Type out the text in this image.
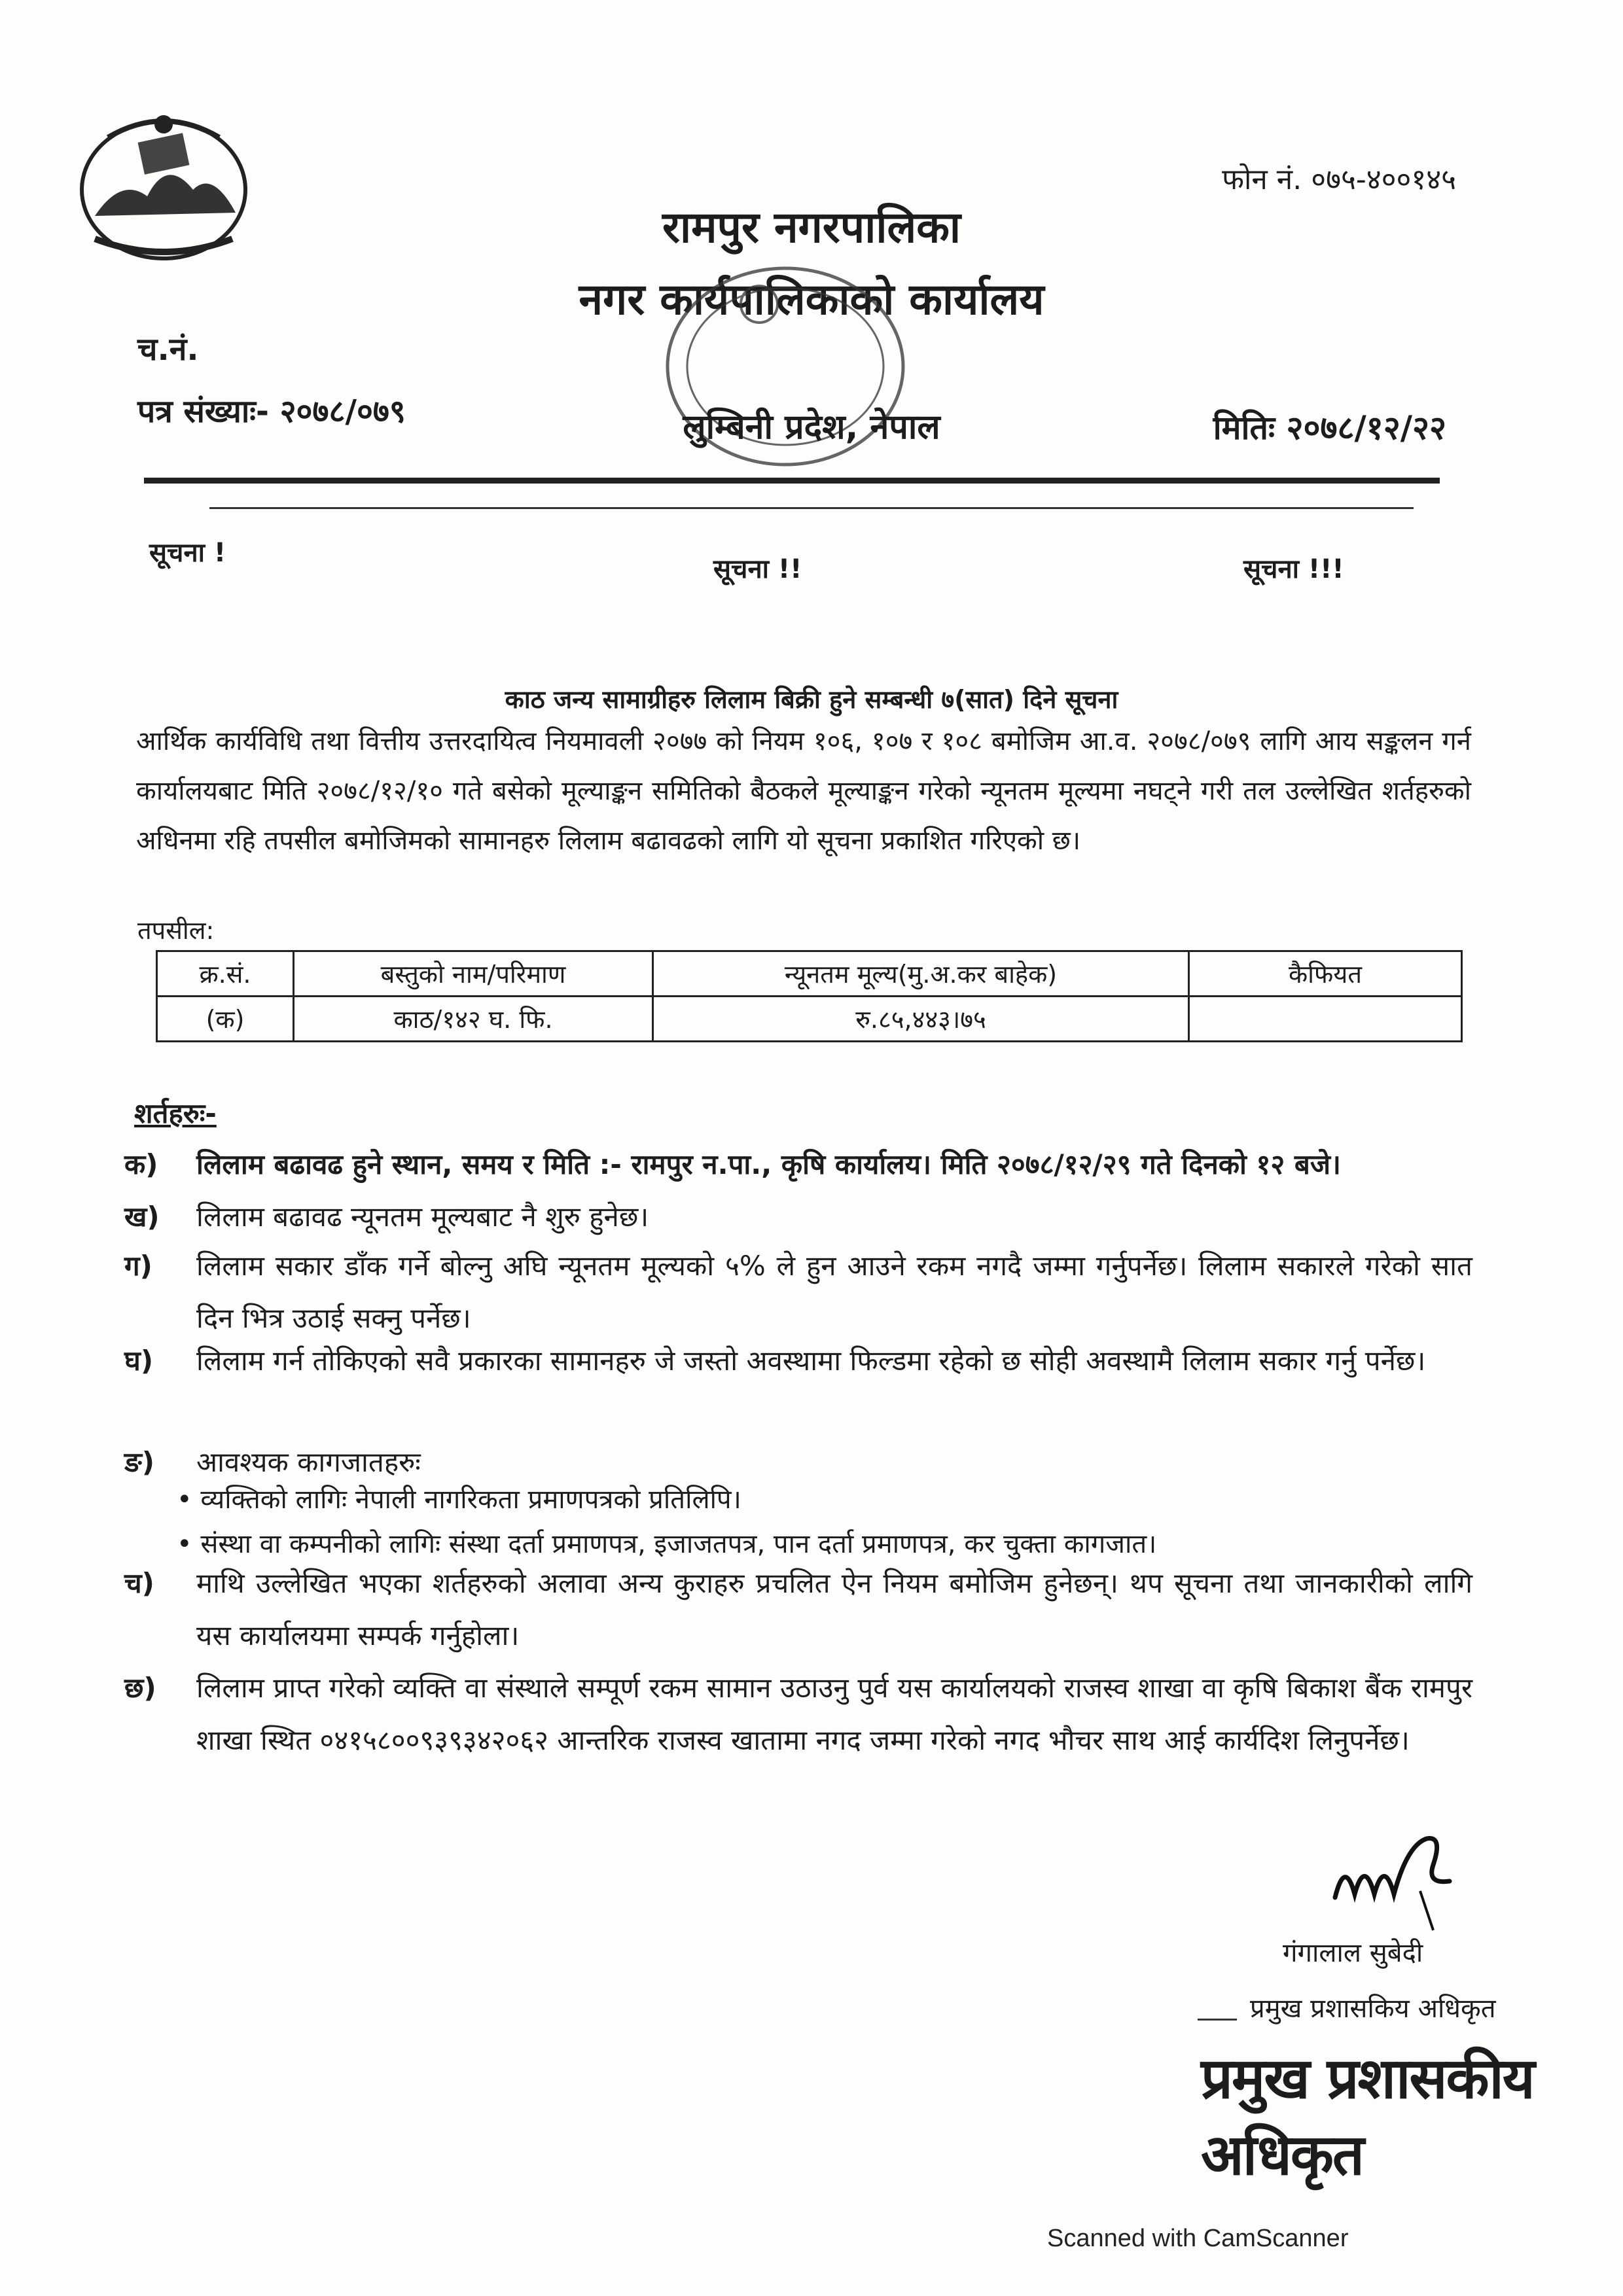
फोन नं. ०७५-४००१४५
रामपुर नगरपालिका
नगर कार्यपालिकाको कार्यालय
च.नं.
पत्र संख्याः- २०७८/०७९	लुम्बिनी प्रदेश, नेपाल	मितिः २०७८/१२/२२
सूचना !
सूचना !!	सूचना !!!
काठ जन्य सामाग्रीहरु लिलाम बिक्री हुने सम्बन्धी ७(सात) दिने सूचना
आर्थिक कार्यविधि तथा वित्तीय उत्तरदायित्व नियमावली २०७७ को नियम १०६, १०७ र १०८ बमोजिम आ.व. २०७८/०७९ लागि आय सङ्कलन गर्न कार्यालयबाट मिति २०७८/१२/१० गते बसेको मूल्याङ्कन समितिको बैठकले मूल्याङ्कन गरेको न्यूनतम मूल्यमा नघट्ने गरी तल उल्लेखित शर्तहरुको अधिनमा रहि तपसील बमोजिमको सामानहरु लिलाम बढावढको लागि यो सूचना प्रकाशित गरिएको छ।
तपसील:
क्र.सं.	बस्तुको नाम/परिमाण	न्यूनतम मूल्य(मु.अ.कर बाहेक)	कैफियत
(क)	काठ/१४२ घ. फि.	रु.८५,४४३।७५	
शर्तहरुः-
क)	लिलाम बढावढ हुने स्थान, समय र मिति :- रामपुर न.पा., कृषि कार्यालय। मिति २०७८/१२/२९ गते दिनको १२ बजे।
ख)	लिलाम बढावढ न्यूनतम मूल्यबाट नै शुरु हुनेछ।
ग)	लिलाम सकार डाँक गर्ने बोल्नु अघि न्यूनतम मूल्यको ५% ले हुन आउने रकम नगदै जम्मा गर्नुपर्नेछ। लिलाम सकारले गरेको सात दिन भित्र उठाई सक्नु पर्नेछ।
घ)	लिलाम गर्न तोकिएको सवै प्रकारका सामानहरु जे जस्तो अवस्थामा फिल्डमा रहेको छ सोही अवस्थामै लिलाम सकार गर्नु पर्नेछ।
ङ)	आवश्यक कागजातहरुः
• व्यक्तिको लागिः नेपाली नागरिकता प्रमाणपत्रको प्रतिलिपि।
• संस्था वा कम्पनीको लागिः संस्था दर्ता प्रमाणपत्र, इजाजतपत्र, पान दर्ता प्रमाणपत्र, कर चुक्ता कागजात।
च)	माथि उल्लेखित भएका शर्तहरुको अलावा अन्य कुराहरु प्रचलित ऐन नियम बमोजिम हुनेछन्। थप सूचना तथा जानकारीको लागि यस कार्यालयमा सम्पर्क गर्नुहोला।
छ)	लिलाम प्राप्त गरेको व्यक्ति वा संस्थाले सम्पूर्ण रकम सामान उठाउनु पुर्व यस कार्यालयको राजस्व शाखा वा कृषि बिकाश बैंक रामपुर शाखा स्थित ०४१५८००९३९३४२०६२ आन्तरिक राजस्व खातामा नगद जम्मा गरेको नगद भौचर साथ आई कार्यदिश लिनुपर्नेछ।
गंगालाल सुबेदी
प्रमुख प्रशासकिय अधिकृत
प्रमुख प्रशासकीय अधिकृत
Scanned with CamScanner
